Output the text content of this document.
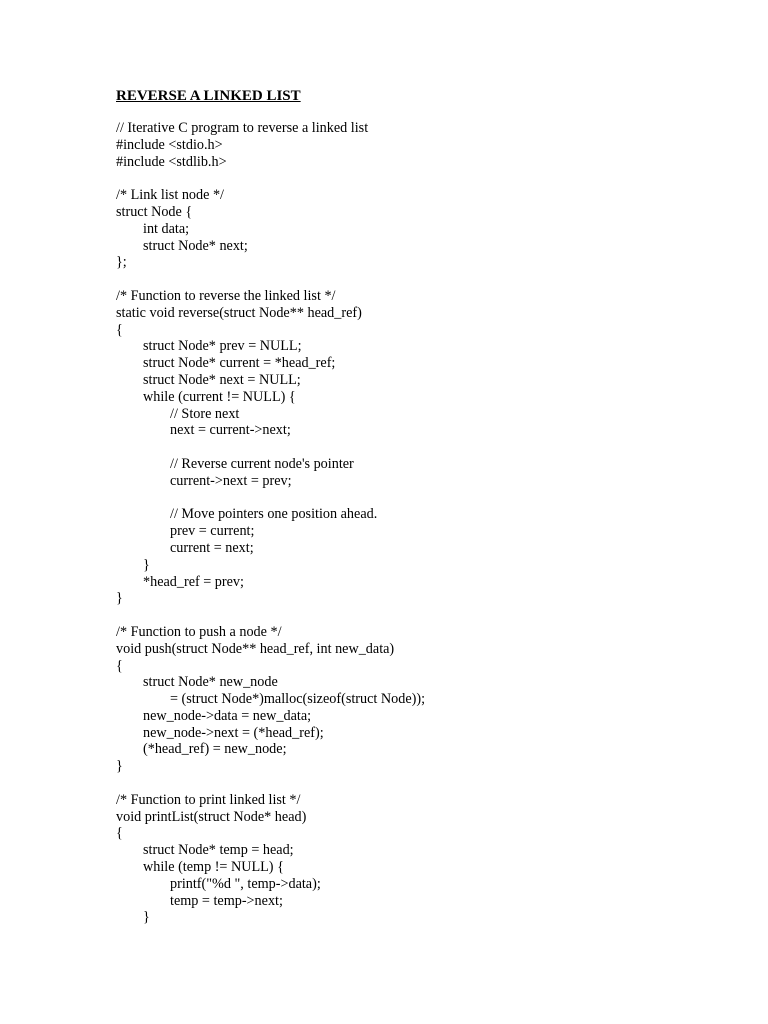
REVERSE A LINKED LIST
// Iterative C program to reverse a linked list
#include <stdio.h>
#include <stdlib.h>
/* Link list node */
struct Node {
int data;
struct Node* next;
};
/* Function to reverse the linked list */
static void reverse(struct Node** head_ref)
{
struct Node* prev = NULL;
struct Node* current = *head_ref;
struct Node* next = NULL;
while (current != NULL) {
// Store next
next = current->next;
// Reverse current node's pointer
current->next = prev;
// Move pointers one position ahead.
prev = current;
current = next;
}
*head_ref = prev;
}
/* Function to push a node */
void push(struct Node** head_ref, int new_data)
{
struct Node* new_node
= (struct Node*)malloc(sizeof(struct Node));
new_node->data = new_data;
new_node->next = (*head_ref);
(*head_ref) = new_node;
}
/* Function to print linked list */
void printList(struct Node* head)
{
struct Node* temp = head;
while (temp != NULL) {
printf("%d ", temp->data);
temp = temp->next;
}
